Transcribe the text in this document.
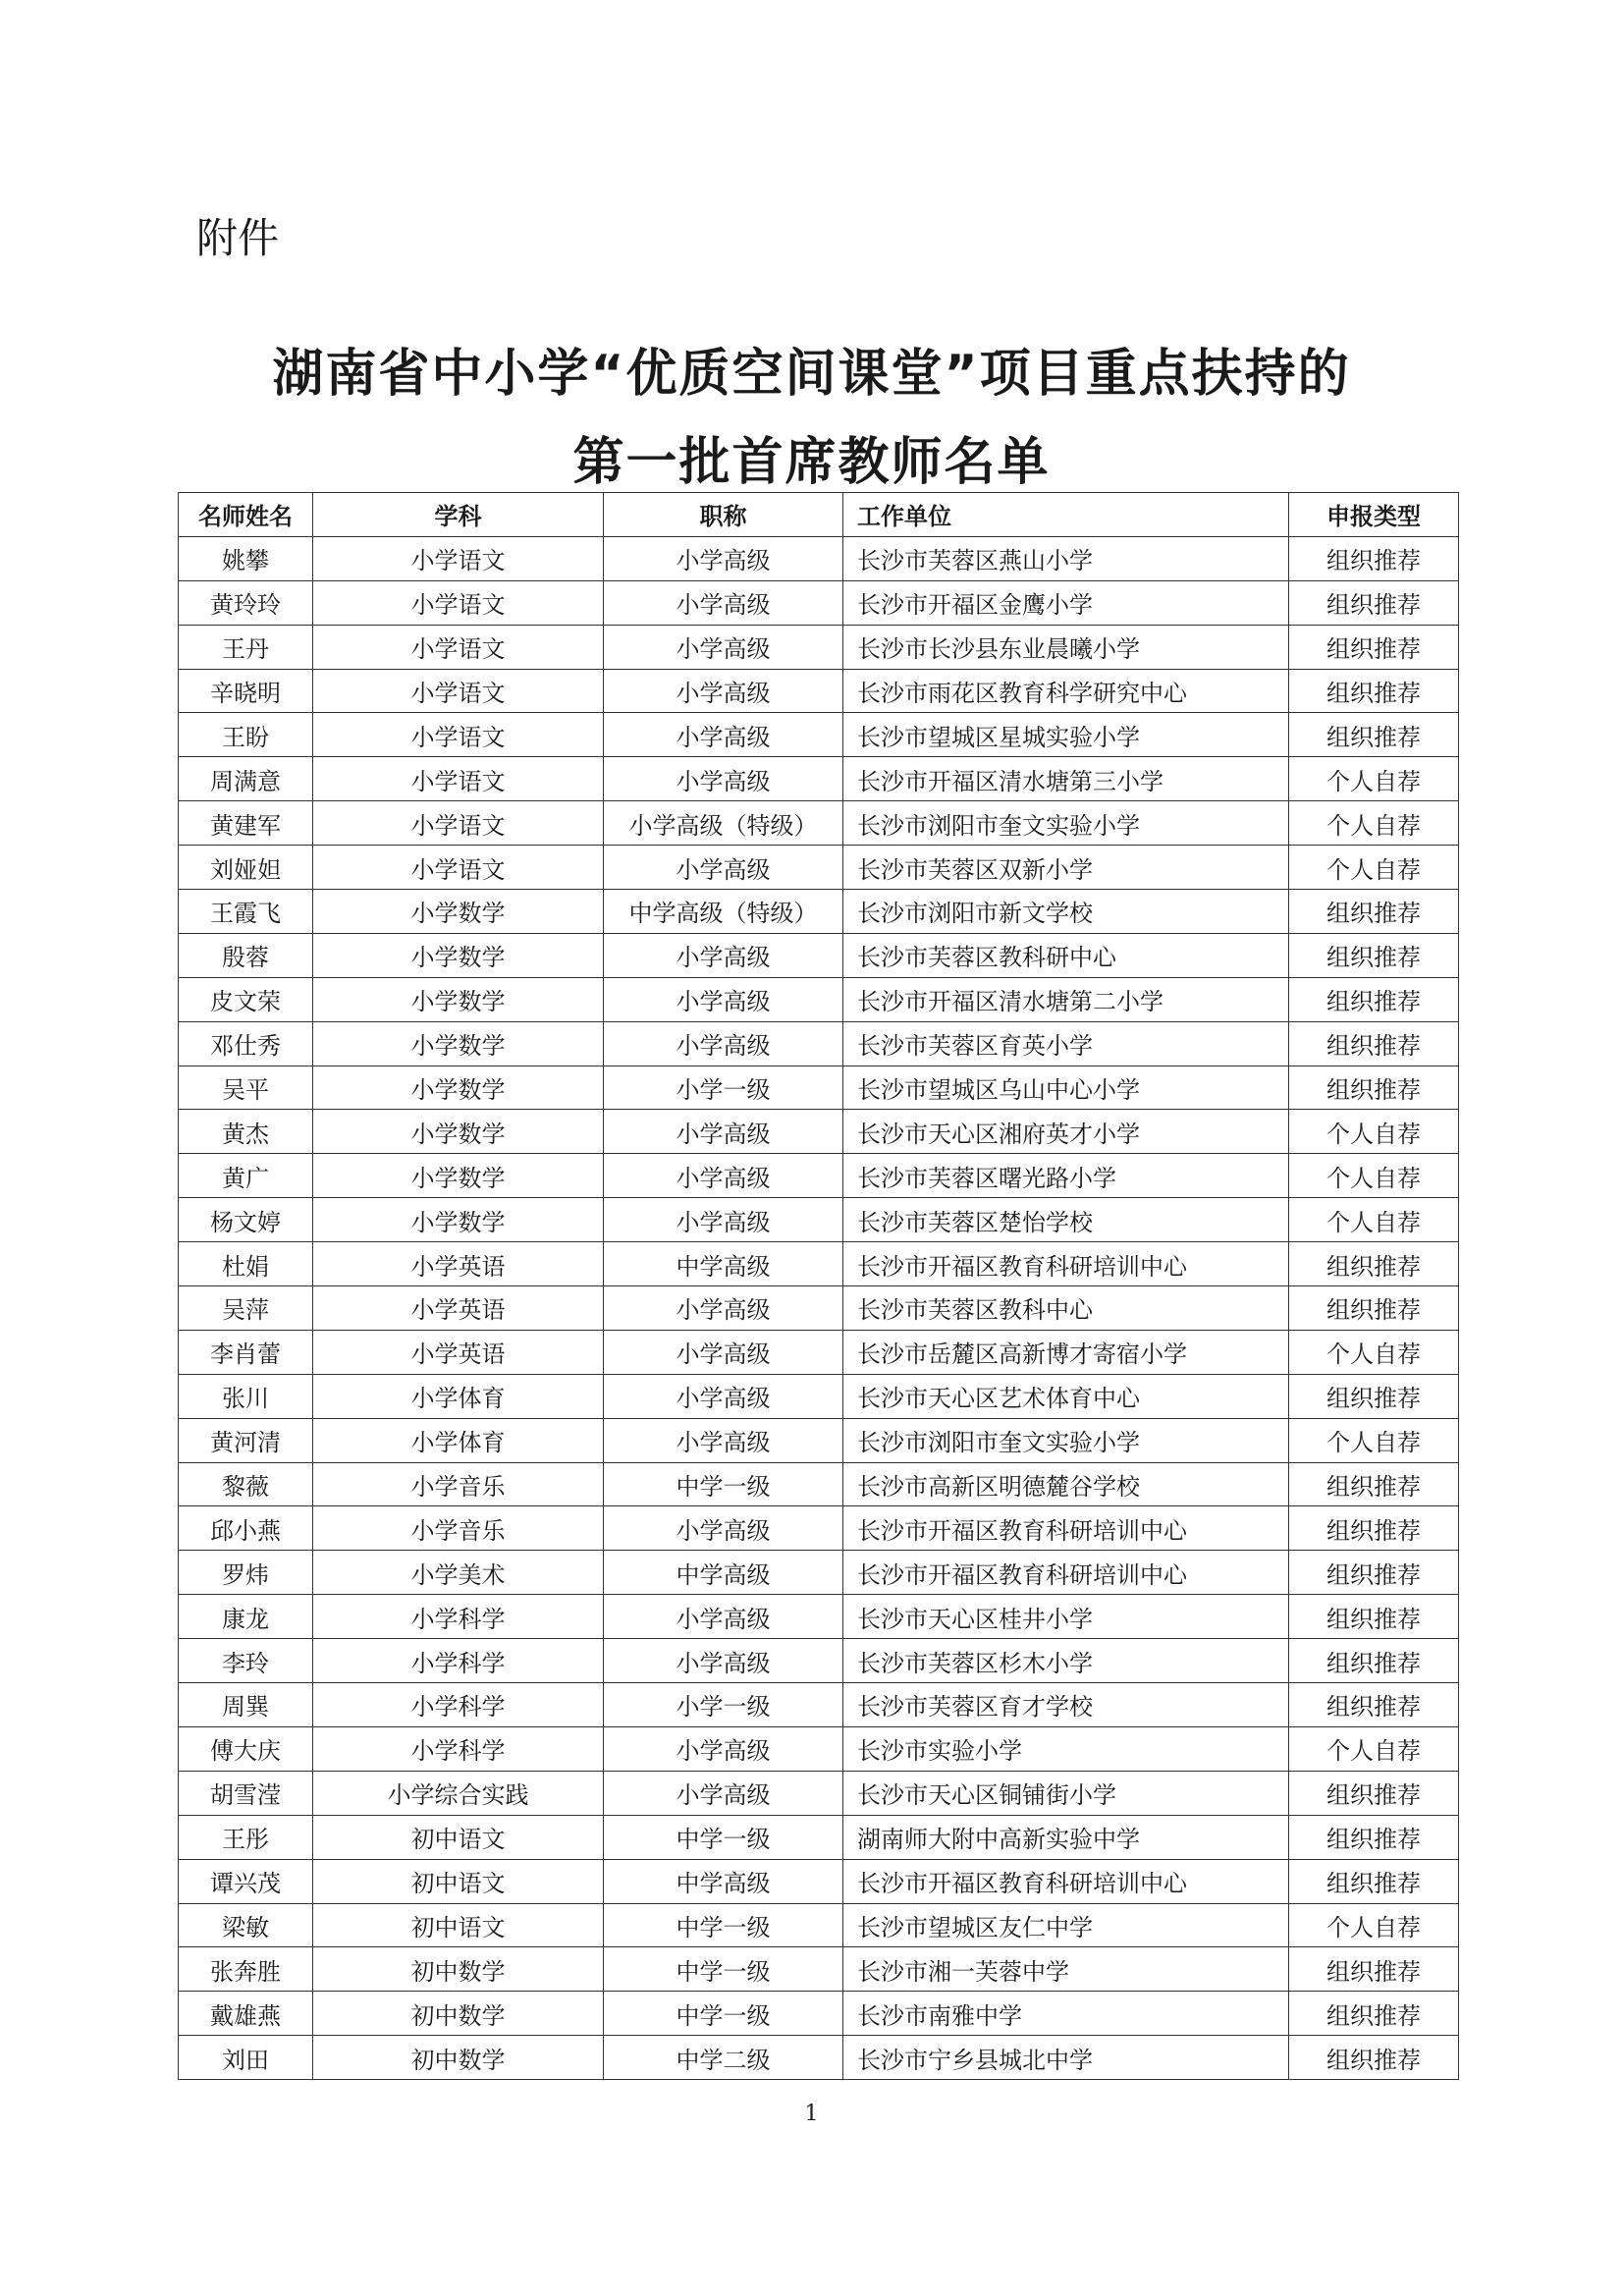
附件
湖南省中小学“优质空间课堂”项目重点扶持的
第一批首席教师名单
名师姓名	学科	职称	工作单位	申报类型
姚攀	小学语文	小学高级	长沙市芙蓉区燕山小学	组织推荐
黄玲玲	小学语文	小学高级	长沙市开福区金鹰小学	组织推荐
王丹	小学语文	小学高级	长沙市长沙县东业晨曦小学	组织推荐
辛晓明	小学语文	小学高级	长沙市雨花区教育科学研究中心	组织推荐
王盼	小学语文	小学高级	长沙市望城区星城实验小学	组织推荐
周满意	小学语文	小学高级	长沙市开福区清水塘第三小学	个人自荐
黄建军	小学语文	小学高级（特级）	长沙市浏阳市奎文实验小学	个人自荐
刘娅妲	小学语文	小学高级	长沙市芙蓉区双新小学	个人自荐
王霞飞	小学数学	中学高级（特级）	长沙市浏阳市新文学校	组织推荐
殷蓉	小学数学	小学高级	长沙市芙蓉区教科研中心	组织推荐
皮文荣	小学数学	小学高级	长沙市开福区清水塘第二小学	组织推荐
邓仕秀	小学数学	小学高级	长沙市芙蓉区育英小学	组织推荐
吴平	小学数学	小学一级	长沙市望城区乌山中心小学	组织推荐
黄杰	小学数学	小学高级	长沙市天心区湘府英才小学	个人自荐
黄广	小学数学	小学高级	长沙市芙蓉区曙光路小学	个人自荐
杨文婷	小学数学	小学高级	长沙市芙蓉区楚怡学校	个人自荐
杜娟	小学英语	中学高级	长沙市开福区教育科研培训中心	组织推荐
吴萍	小学英语	小学高级	长沙市芙蓉区教科中心	组织推荐
李肖蕾	小学英语	小学高级	长沙市岳麓区高新博才寄宿小学	个人自荐
张川	小学体育	小学高级	长沙市天心区艺术体育中心	组织推荐
黄河清	小学体育	小学高级	长沙市浏阳市奎文实验小学	个人自荐
黎薇	小学音乐	中学一级	长沙市高新区明德麓谷学校	组织推荐
邱小燕	小学音乐	小学高级	长沙市开福区教育科研培训中心	组织推荐
罗炜	小学美术	中学高级	长沙市开福区教育科研培训中心	组织推荐
康龙	小学科学	小学高级	长沙市天心区桂井小学	组织推荐
李玲	小学科学	小学高级	长沙市芙蓉区杉木小学	组织推荐
周巽	小学科学	小学一级	长沙市芙蓉区育才学校	组织推荐
傅大庆	小学科学	小学高级	长沙市实验小学	个人自荐
胡雪滢	小学综合实践	小学高级	长沙市天心区铜铺街小学	组织推荐
王彤	初中语文	中学一级	湖南师大附中高新实验中学	组织推荐
谭兴茂	初中语文	中学高级	长沙市开福区教育科研培训中心	组织推荐
梁敏	初中语文	中学一级	长沙市望城区友仁中学	个人自荐
张奔胜	初中数学	中学一级	长沙市湘一芙蓉中学	组织推荐
戴雄燕	初中数学	中学一级	长沙市南雅中学	组织推荐
刘田	初中数学	中学二级	长沙市宁乡县城北中学	组织推荐
1
